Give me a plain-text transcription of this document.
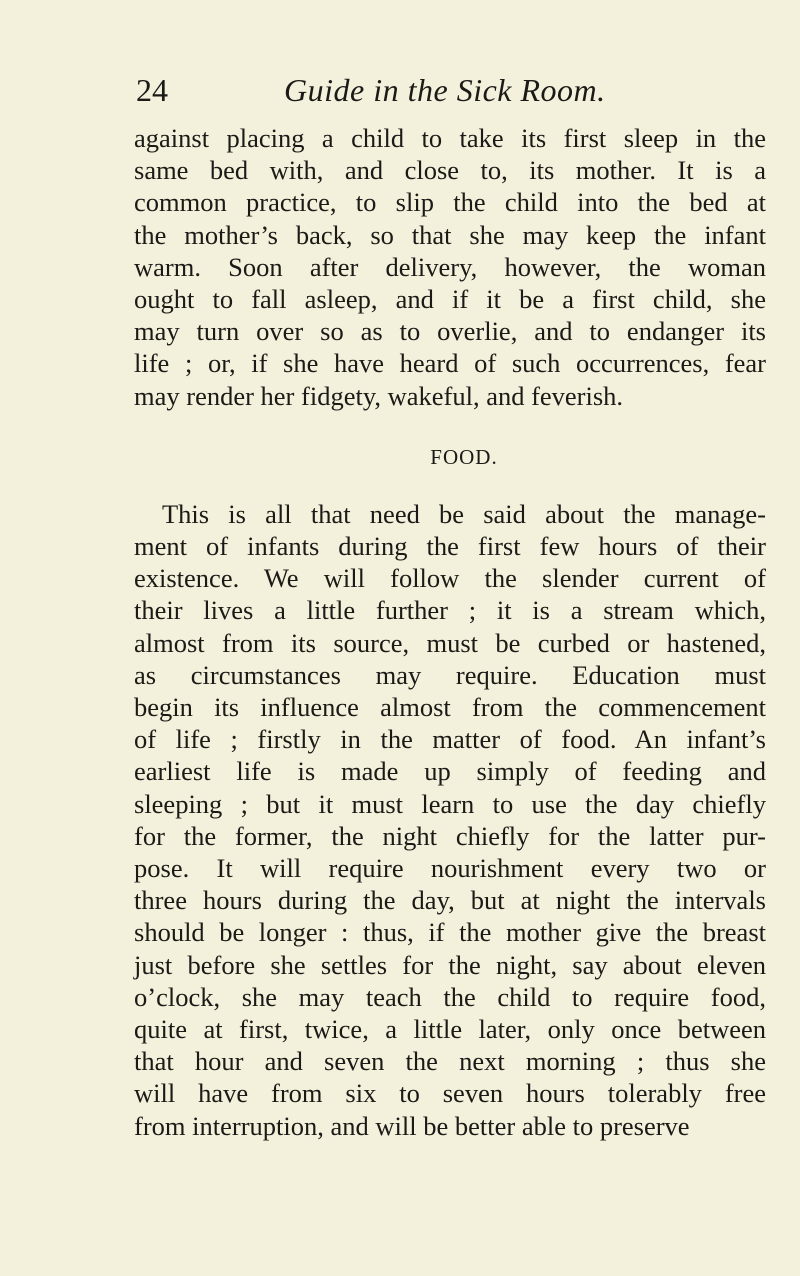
24	Guide in the Sick Room.

against placing a child to take its first sleep in the
same bed with, and close to, its mother. It is a
common practice, to slip the child into the bed at
the mother’s back, so that she may keep the infant
warm. Soon after delivery, however, the woman
ought to fall asleep, and if it be a first child, she
may turn over so as to overlie, and to endanger its
life ; or, if she have heard of such occurrences, fear
may render her fidgety, wakeful, and feverish.

FOOD.

This is all that need be said about the manage-
ment of infants during the first few hours of their
existence. We will follow the slender current of
their lives a little further ; it is a stream which,
almost from its source, must be curbed or hastened,
as circumstances may require. Education must
begin its influence almost from the commencement
of life ; firstly in the matter of food. An infant’s
earliest life is made up simply of feeding and
sleeping ; but it must learn to use the day chiefly
for the former, the night chiefly for the latter pur-
pose. It will require nourishment every two or
three hours during the day, but at night the intervals
should be longer : thus, if the mother give the breast
just before she settles for the night, say about eleven
o’clock, she may teach the child to require food,
quite at first, twice, a little later, only once between
that hour and seven the next morning ; thus she
will have from six to seven hours tolerably free
from interruption, and will be better able to preserve
